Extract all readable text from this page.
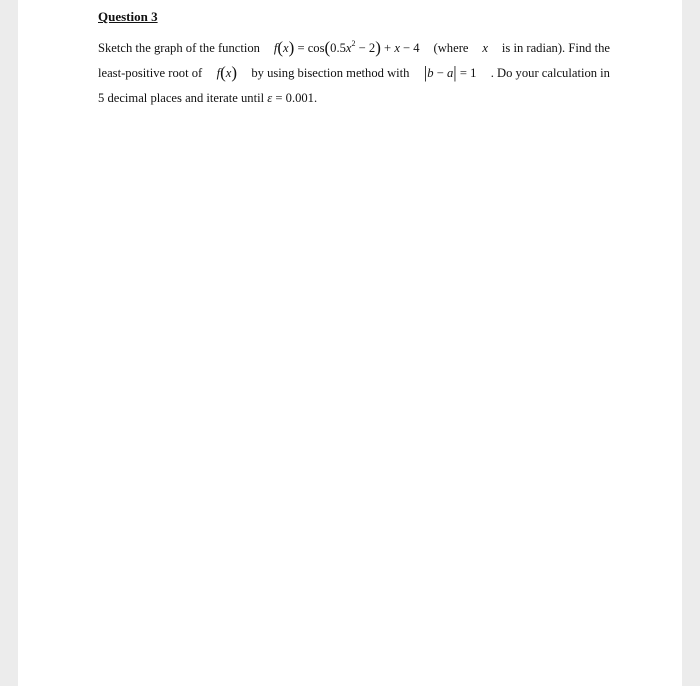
Question 3
Sketch the graph of the function $f(x) = \cos(0.5x^2 - 2) + x - 4$ (where x is in radian). Find the
least-positive root of f(x) by using bisection method with |b − a| = 1 . Do your calculation in
5 decimal places and iterate until ε = 0.001.
